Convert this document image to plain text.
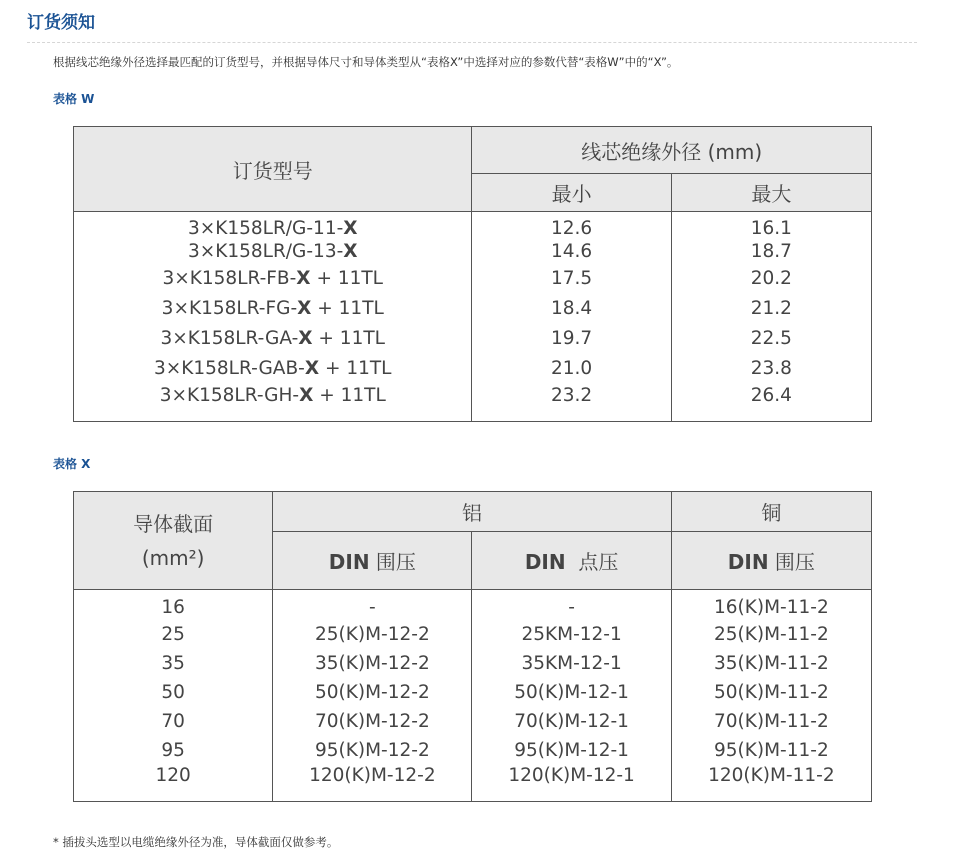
订货须知
根据线芯绝缘外径选择最匹配的订货型号，并根据导体尺寸和导体类型从“表格X”中选择对应的参数代替“表格W”中的“X”。
表格 W
订货型号	线芯绝缘外径 (mm)	
	最小	最大
3×K158LR/G-11-X	12.6	16.1
3×K158LR/G-13-X	14.6	18.7
3×K158LR-FB-X + 11TL	17.5	20.2
3×K158LR-FG-X + 11TL	18.4	21.2
3×K158LR-GA-X + 11TL	19.7	22.5
3×K158LR-GAB-X + 11TL	21.0	23.8
3×K158LR-GH-X + 11TL	23.2	26.4
表格 X
导体截面
(mm²)	铝		铜
	DIN 围压	DIN 点压	DIN 围压
16	-	-	16(K)M-11-2
25	25(K)M-12-2	25KM-12-1	25(K)M-11-2
35	35(K)M-12-2	35KM-12-1	35(K)M-11-2
50	50(K)M-12-2	50(K)M-12-1	50(K)M-11-2
70	70(K)M-12-2	70(K)M-12-1	70(K)M-11-2
95	95(K)M-12-2	95(K)M-12-1	95(K)M-11-2
120	120(K)M-12-2	120(K)M-12-1	120(K)M-11-2
* 插拔头选型以电缆绝缘外径为准，导体截面仅做参考。
